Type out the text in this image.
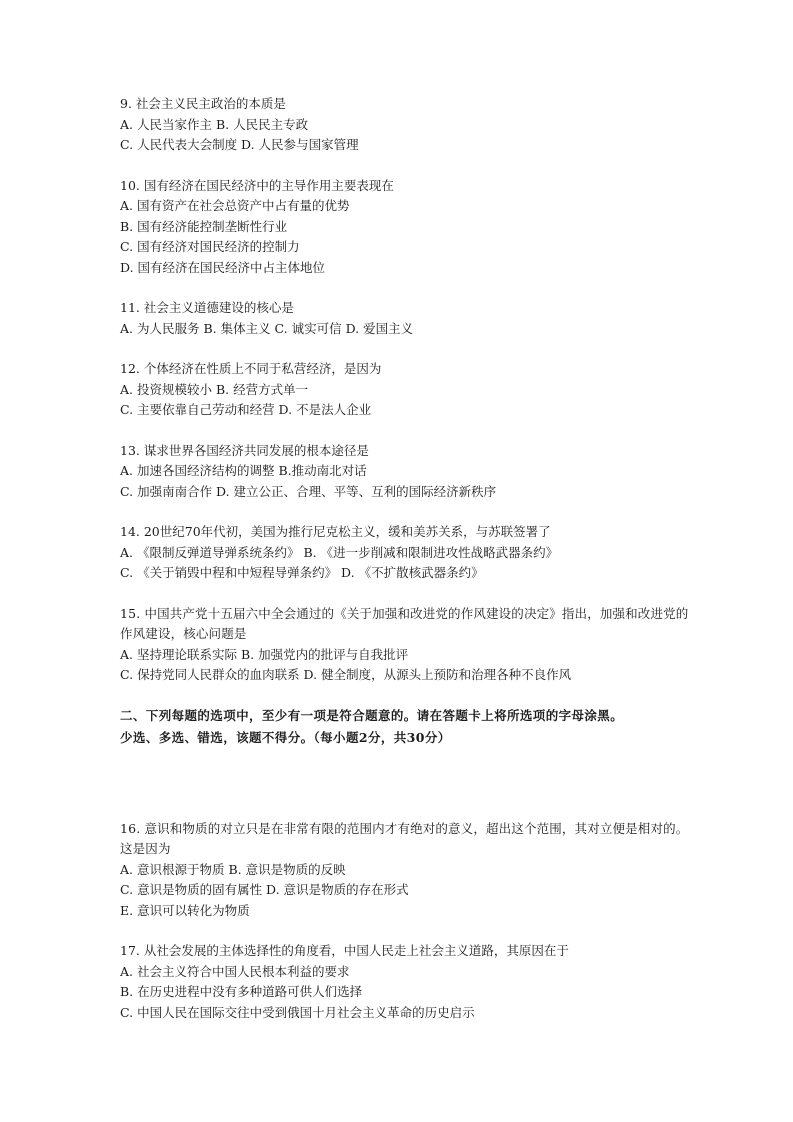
9. 社会主义民主政治的本质是
A. 人民当家作主 B. 人民民主专政
C. 人民代表大会制度 D. 人民参与国家管理
10. 国有经济在国民经济中的主导作用主要表现在
A. 国有资产在社会总资产中占有量的优势
B. 国有经济能控制垄断性行业
C. 国有经济对国民经济的控制力
D. 国有经济在国民经济中占主体地位
11. 社会主义道德建设的核心是
A. 为人民服务 B. 集体主义 C. 诚实可信 D. 爱国主义
12. 个体经济在性质上不同于私营经济，是因为
A. 投资规模较小 B. 经营方式单一
C. 主要依靠自己劳动和经营 D. 不是法人企业
13. 谋求世界各国经济共同发展的根本途径是
A. 加速各国经济结构的调整 B.推动南北对话
C. 加强南南合作 D. 建立公正、合理、平等、互利的国际经济新秩序
14. 20世纪70年代初，美国为推行尼克松主义，缓和美苏关系，与苏联签署了
A. 《限制反弹道导弹系统条约》 B. 《进一步削减和限制进攻性战略武器条约》
C. 《关于销毁中程和中短程导弹条约》 D. 《不扩散核武器条约》
15. 中国共产党十五届六中全会通过的《关于加强和改进党的作风建设的决定》指出，加强和改进党的作风建设，核心问题是
A. 坚持理论联系实际 B. 加强党内的批评与自我批评
C. 保持党同人民群众的血肉联系 D. 健全制度，从源头上预防和治理各种不良作风
二、下列每题的选项中，至少有一项是符合题意的。请在答题卡上将所选项的字母涂黑。
少选、多选、错选，该题不得分。（每小题2分，共30分）
16. 意识和物质的对立只是在非常有限的范围内才有绝对的意义，超出这个范围，其对立便是相对的。这是因为
A. 意识根源于物质 B. 意识是物质的反映
C. 意识是物质的固有属性 D. 意识是物质的存在形式
E. 意识可以转化为物质
17. 从社会发展的主体选择性的角度看，中国人民走上社会主义道路，其原因在于
A. 社会主义符合中国人民根本利益的要求
B. 在历史进程中没有多种道路可供人们选择
C. 中国人民在国际交往中受到俄国十月社会主义革命的历史启示
